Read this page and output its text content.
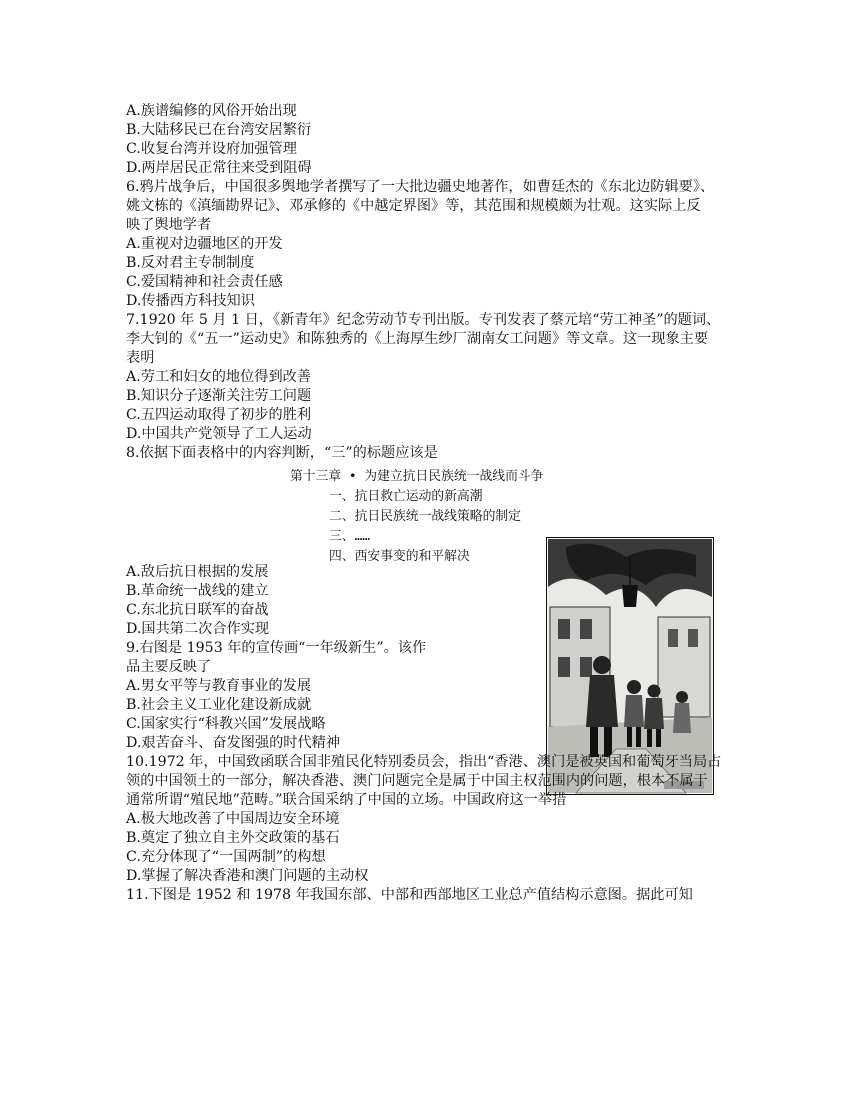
A.族谱编修的风俗开始出现
B.大陆移民已在台湾安居繁衍
C.收复台湾并设府加强管理
D.两岸居民正常往来受到阻碍
6.鸦片战争后，中国很多舆地学者撰写了一大批边疆史地著作，如曹廷杰的《东北边防辑要》、
姚文栋的《滇缅勘界记》、邓承修的《中越定界图》等，其范围和规模颇为壮观。这实际上反
映了舆地学者
A.重视对边疆地区的开发
B.反对君主专制制度
C.爱国精神和社会责任感
D.传播西方科技知识
7.1920 年 5 月 1 日，《新青年》纪念劳动节专刊出版。专刊发表了蔡元培“劳工神圣”的题词、
李大钊的《“五一”运动史》和陈独秀的《上海厚生纱厂湖南女工问题》等文章。这一现象主要
表明
A.劳工和妇女的地位得到改善
B.知识分子逐渐关注劳工问题
C.五四运动取得了初步的胜利
D.中国共产党领导了工人运动
8.依据下面表格中的内容判断，“三”的标题应该是
第十三章 • 为建立抗日民族统一战线而斗争
一、抗日救亡运动的新高潮
二、抗日民族统一战线策略的制定
三、……
四、西安事变的和平解决
A.敌后抗日根据的发展
B.革命统一战线的建立
C.东北抗日联军的奋战
D.国共第二次合作实现
9.右图是 1953 年的宣传画“一年级新生”。该作
品主要反映了
A.男女平等与教育事业的发展
B.社会主义工业化建设新成就
C.国家实行“科教兴国”发展战略
D.艰苦奋斗、奋发图强的时代精神
10.1972 年，中国致函联合国非殖民化特别委员会，指出“香港、澳门是被英国和葡萄牙当局占
领的中国领土的一部分，解决香港、澳门问题完全是属于中国主权范围内的问题，根本不属于
通常所谓“殖民地”范畴。”联合国采纳了中国的立场。中国政府这一举措
A.极大地改善了中国周边安全环境
B.奠定了独立自主外交政策的基石
C.充分体现了“一国两制”的构想
D.掌握了解决香港和澳门问题的主动权
11.下图是 1952 和 1978 年我国东部、中部和西部地区工业总产值结构示意图。据此可知
